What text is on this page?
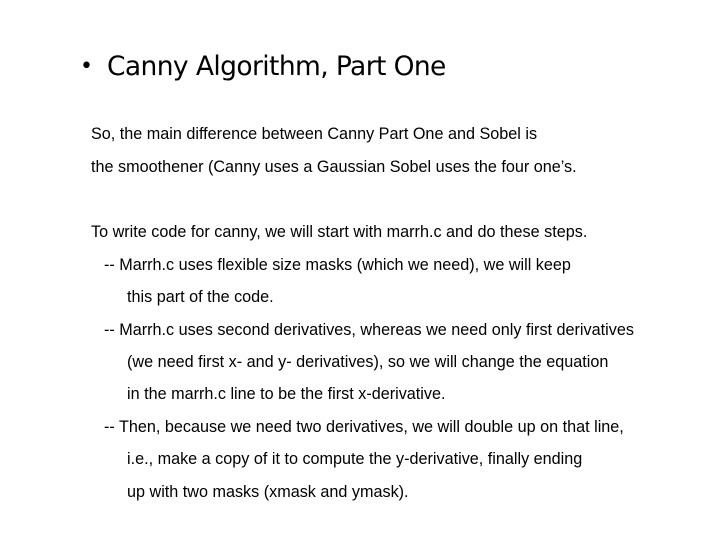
• Canny Algorithm, Part One
So, the main difference between Canny Part One and Sobel is
the smoothener (Canny uses a Gaussian Sobel uses the four one’s.
To write code for canny, we will start with marrh.c and do these steps.
-- Marrh.c uses flexible size masks (which we need), we will keep
this part of the code.
-- Marrh.c uses second derivatives, whereas we need only first derivatives
(we need first x- and y- derivatives), so we will change the equation
in the marrh.c line to be the first x-derivative.
-- Then, because we need two derivatives, we will double up on that line,
i.e., make a copy of it to compute the y-derivative, finally ending
up with two masks (xmask and ymask).
